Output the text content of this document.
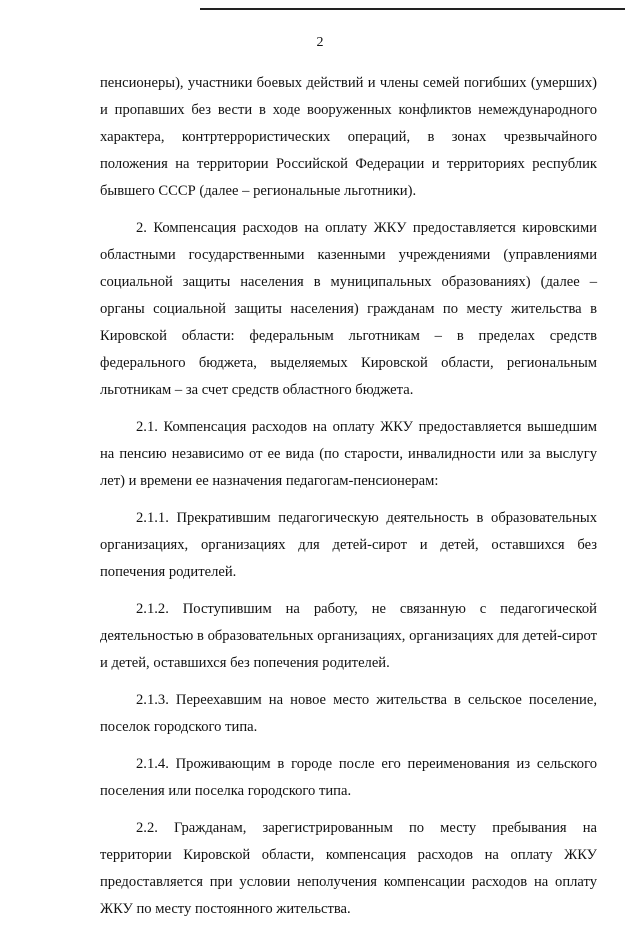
2

пенсионеры), участники боевых действий и члены семей погибших (умерших) и пропавших без вести в ходе вооруженных конфликтов немеждународного характера, контртеррористических операций, в зонах чрезвычайного положения на территории Российской Федерации и территориях республик бывшего СССР (далее – региональные льготники).

2. Компенсация расходов на оплату ЖКУ предоставляется кировскими областными государственными казенными учреждениями (управлениями социальной защиты населения в муниципальных образованиях) (далее – органы социальной защиты населения) гражданам по месту жительства в Кировской области: федеральным льготникам – в пределах средств федерального бюджета, выделяемых Кировской области, региональным льготникам – за счет средств областного бюджета.

2.1. Компенсация расходов на оплату ЖКУ предоставляется вышедшим на пенсию независимо от ее вида (по старости, инвалидности или за выслугу лет) и времени ее назначения педагогам-пенсионерам:

2.1.1. Прекратившим педагогическую деятельность в образовательных организациях, организациях для детей-сирот и детей, оставшихся без попечения родителей.

2.1.2. Поступившим на работу, не связанную с педагогической деятельностью в образовательных организациях, организациях для детей-сирот и детей, оставшихся без попечения родителей.

2.1.3. Переехавшим на новое место жительства в сельское поселение, поселок городского типа.

2.1.4. Проживающим в городе после его переименования из сельского поселения или поселка городского типа.

2.2. Гражданам, зарегистрированным по месту пребывания на территории Кировской области, компенсация расходов на оплату ЖКУ предоставляется при условии неполучения компенсации расходов на оплату ЖКУ по месту постоянного жительства.
